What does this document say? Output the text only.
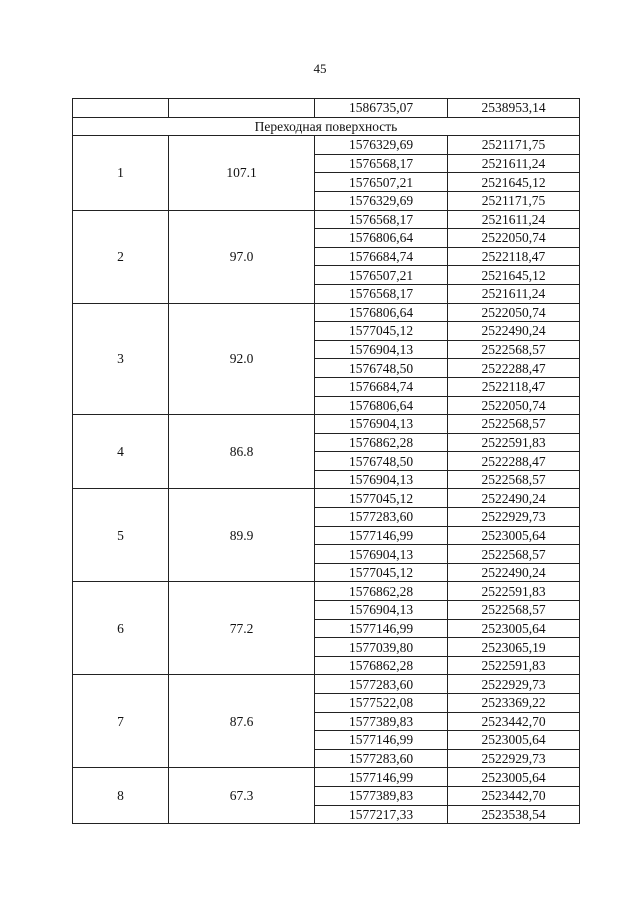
45
		1586735,07	2538953,14
Переходная поверхность			
1	107.1	1576329,69	2521171,75
		1576568,17	2521611,24
		1576507,21	2521645,12
		1576329,69	2521171,75
2	97.0	1576568,17	2521611,24
		1576806,64	2522050,74
		1576684,74	2522118,47
		1576507,21	2521645,12
		1576568,17	2521611,24
3	92.0	1576806,64	2522050,74
		1577045,12	2522490,24
		1576904,13	2522568,57
		1576748,50	2522288,47
		1576684,74	2522118,47
		1576806,64	2522050,74
4	86.8	1576904,13	2522568,57
		1576862,28	2522591,83
		1576748,50	2522288,47
		1576904,13	2522568,57
5	89.9	1577045,12	2522490,24
		1577283,60	2522929,73
		1577146,99	2523005,64
		1576904,13	2522568,57
		1577045,12	2522490,24
6	77.2	1576862,28	2522591,83
		1576904,13	2522568,57
		1577146,99	2523005,64
		1577039,80	2523065,19
		1576862,28	2522591,83
7	87.6	1577283,60	2522929,73
		1577522,08	2523369,22
		1577389,83	2523442,70
		1577146,99	2523005,64
		1577283,60	2522929,73
8	67.3	1577146,99	2523005,64
		1577389,83	2523442,70
		1577217,33	2523538,54
